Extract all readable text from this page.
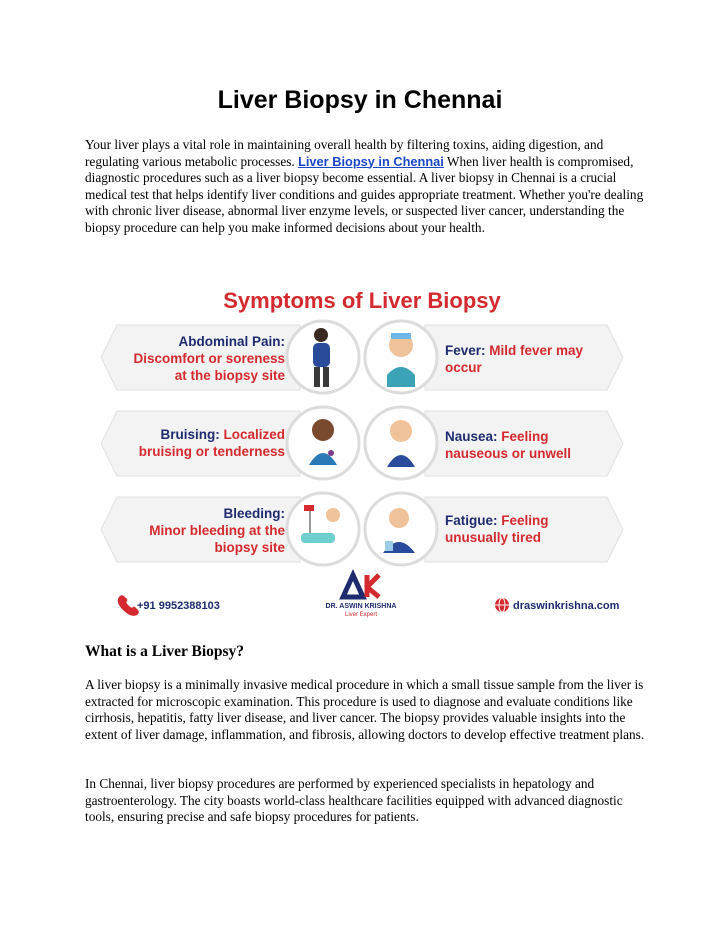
Liver Biopsy in Chennai

Your liver plays a vital role in maintaining overall health by filtering toxins, aiding digestion, and regulating various metabolic processes. Liver Biopsy in Chennai When liver health is compromised, diagnostic procedures such as a liver biopsy become essential. A liver biopsy in Chennai is a crucial medical test that helps identify liver conditions and guides appropriate treatment. Whether you're dealing with chronic liver disease, abnormal liver enzyme levels, or suspected liver cancer, understanding the biopsy procedure can help you make informed decisions about your health.

Symptoms of Liver Biopsy
Abdominal Pain:
Discomfort or soreness
at the biopsy site
Bruising: Localized
bruising or tenderness
Bleeding:
Minor bleeding at the
biopsy site
Fever: Mild fever may
occur
Nausea: Feeling
nauseous or unwell
Fatigue: Feeling
unusually tired
+91 9952388103	DR. ASWIN KRISHNA
Liver Expert
draswinkrishna.com
What is a Liver Biopsy?

A liver biopsy is a minimally invasive medical procedure in which a small tissue sample from the liver is extracted for microscopic examination. This procedure is used to diagnose and evaluate conditions like cirrhosis, hepatitis, fatty liver disease, and liver cancer. The biopsy provides valuable insights into the extent of liver damage, inflammation, and fibrosis, allowing doctors to develop effective treatment plans.

In Chennai, liver biopsy procedures are performed by experienced specialists in hepatology and gastroenterology. The city boasts world-class healthcare facilities equipped with advanced diagnostic tools, ensuring precise and safe biopsy procedures for patients.
